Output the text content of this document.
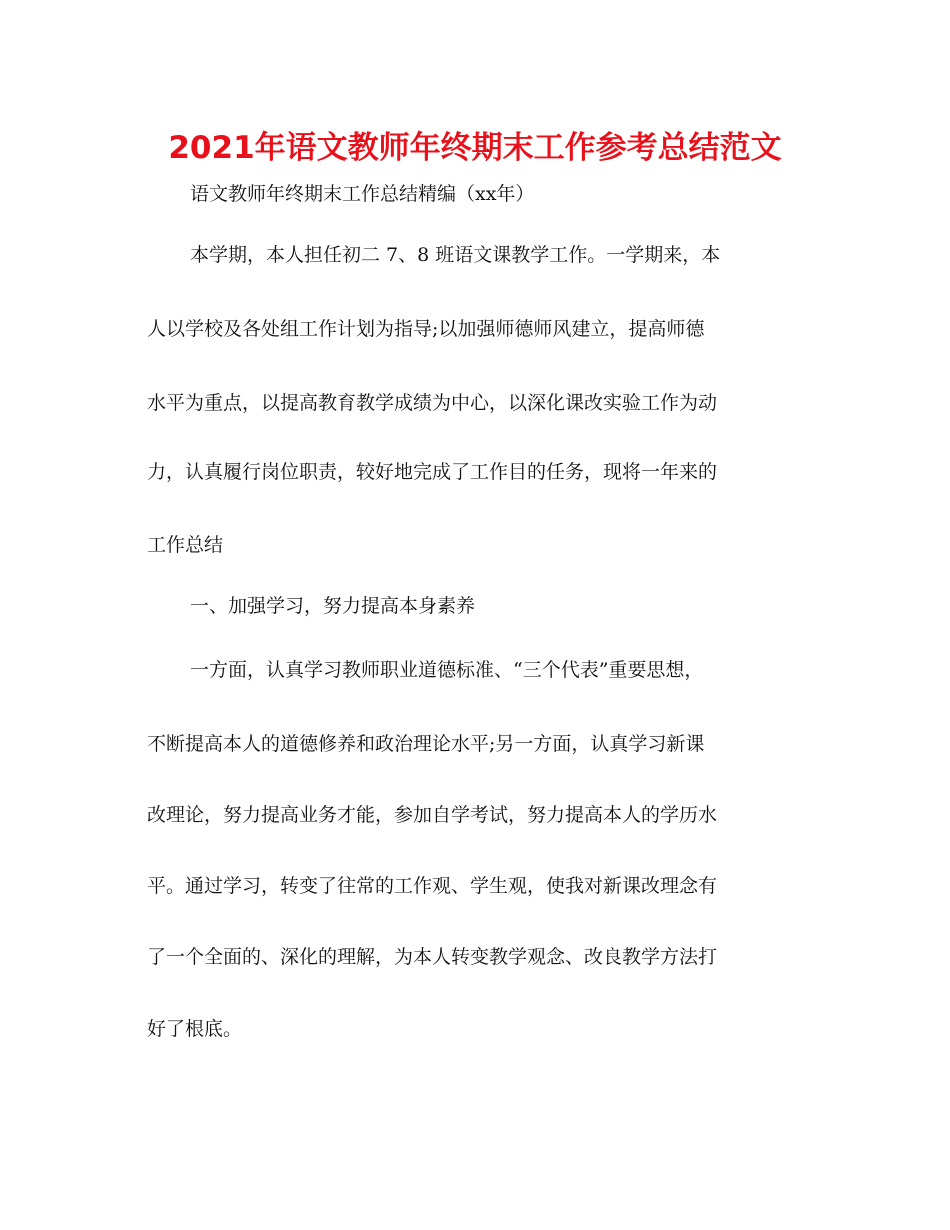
2021年语文教师年终期末工作参考总结范文
语文教师年终期末工作总结精编（xx年）
本学期，本人担任初二 7、8 班语文课教学工作。一学期来，本
人以学校及各处组工作计划为指导;以加强师德师风建立，提高师德
水平为重点，以提高教育教学成绩为中心，以深化课改实验工作为动
力，认真履行岗位职责，较好地完成了工作目的任务，现将一年来的
工作总结
一、加强学习，努力提高本身素养
一方面，认真学习教师职业道德标准、“三个代表”重要思想，
不断提高本人的道德修养和政治理论水平;另一方面，认真学习新课
改理论，努力提高业务才能，参加自学考试，努力提高本人的学历水
平。通过学习，转变了往常的工作观、学生观，使我对新课改理念有
了一个全面的、深化的理解，为本人转变教学观念、改良教学方法打
好了根底。
